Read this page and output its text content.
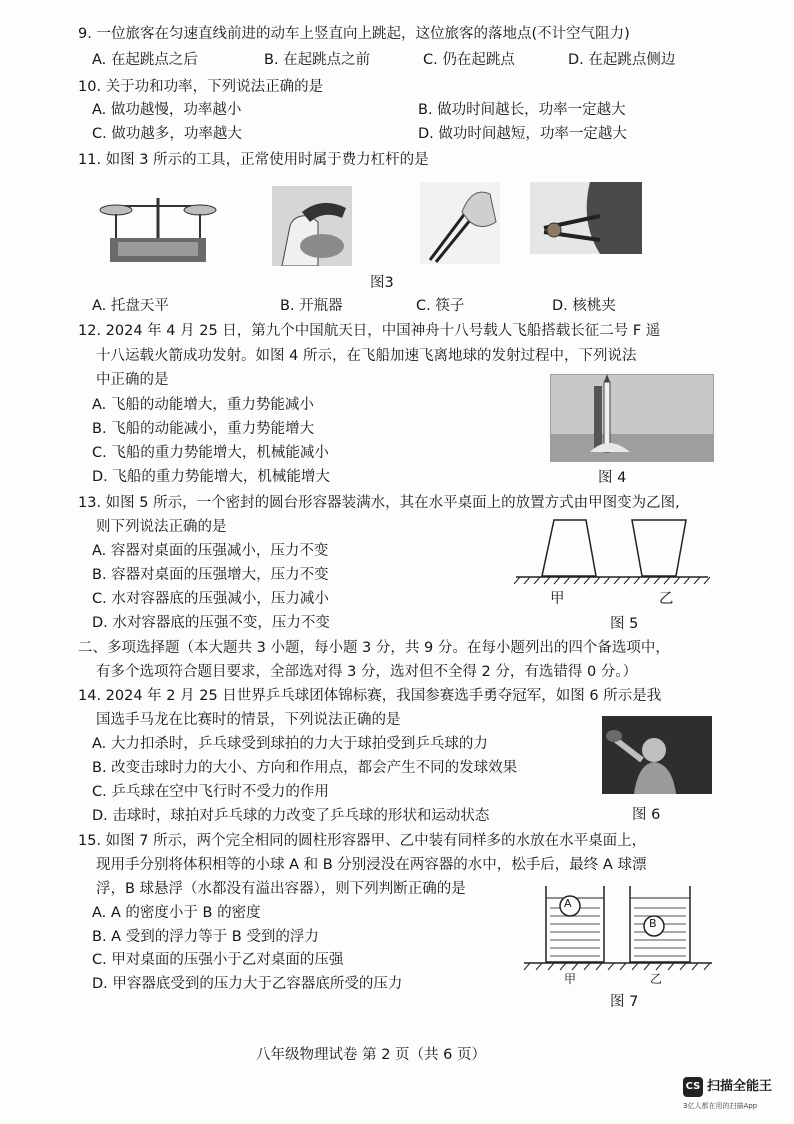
9. 一位旅客在匀速直线前进的动车上竖直向上跳起，这位旅客的落地点(不计空气阻力)
A. 在起跳点之后	B. 在起跳点之前	C. 仍在起跳点	D. 在起跳点侧边
10. 关于功和功率，下列说法正确的是
A. 做功越慢，功率越小	B. 做功时间越长，功率一定越大
C. 做功越多，功率越大	D. 做功时间越短，功率一定越大
11. 如图 3 所示的工具，正常使用时属于费力杠杆的是
图3
A. 托盘天平	B. 开瓶器	C. 筷子	D. 核桃夹
12. 2024 年 4 月 25 日，第九个中国航天日，中国神舟十八号载人飞船搭载长征二号 F 遥
十八运载火箭成功发射。如图 4 所示，在飞船加速飞离地球的发射过程中，下列说法
中正确的是
A. 飞船的动能增大，重力势能减小
B. 飞船的动能减小，重力势能增大
C. 飞船的重力势能增大，机械能减小
D. 飞船的重力势能增大，机械能增大	图 4
13. 如图 5 所示，一个密封的圆台形容器装满水，其在水平桌面上的放置方式由甲图变为乙图,
则下列说法正确的是
A. 容器对桌面的压强减小，压力不变
B. 容器对桌面的压强增大，压力不变
C. 水对容器底的压强减小，压力减小
D. 水对容器底的压强不变，压力不变
甲	乙
图 5
二、多项选择题（本大题共 3 小题，每小题 3 分，共 9 分。在每小题列出的四个备选项中，
有多个选项符合题目要求，全部选对得 3 分，选对但不全得 2 分，有选错得 0 分。）
14. 2024 年 2 月 25 日世界乒乓球团体锦标赛，我国参赛选手勇夺冠军，如图 6 所示是我
国选手马龙在比赛时的情景，下列说法正确的是
A. 大力扣杀时，乒乓球受到球拍的力大于球拍受到乒乓球的力
B. 改变击球时力的大小、方向和作用点，都会产生不同的发球效果
C. 乒乓球在空中飞行时不受力的作用
D. 击球时，球拍对乒乓球的力改变了乒乓球的形状和运动状态	图 6
15. 如图 7 所示，两个完全相同的圆柱形容器甲、乙中装有同样多的水放在水平桌面上，
现用手分别将体积相等的小球 A 和 B 分别浸没在两容器的水中，松手后，最终 A 球漂
浮，B 球悬浮（水都没有溢出容器），则下列判断正确的是
A. A 的密度小于 B 的密度
B. A 受到的浮力等于 B 受到的浮力
C. 甲对桌面的压强小于乙对桌面的压强
D. 甲容器底受到的压力大于乙容器底所受的压力
A
B
甲	乙
图 7
八年级物理试卷 第 2 页（共 6 页）
CS 扫描全能王
3亿人都在用的扫描App
